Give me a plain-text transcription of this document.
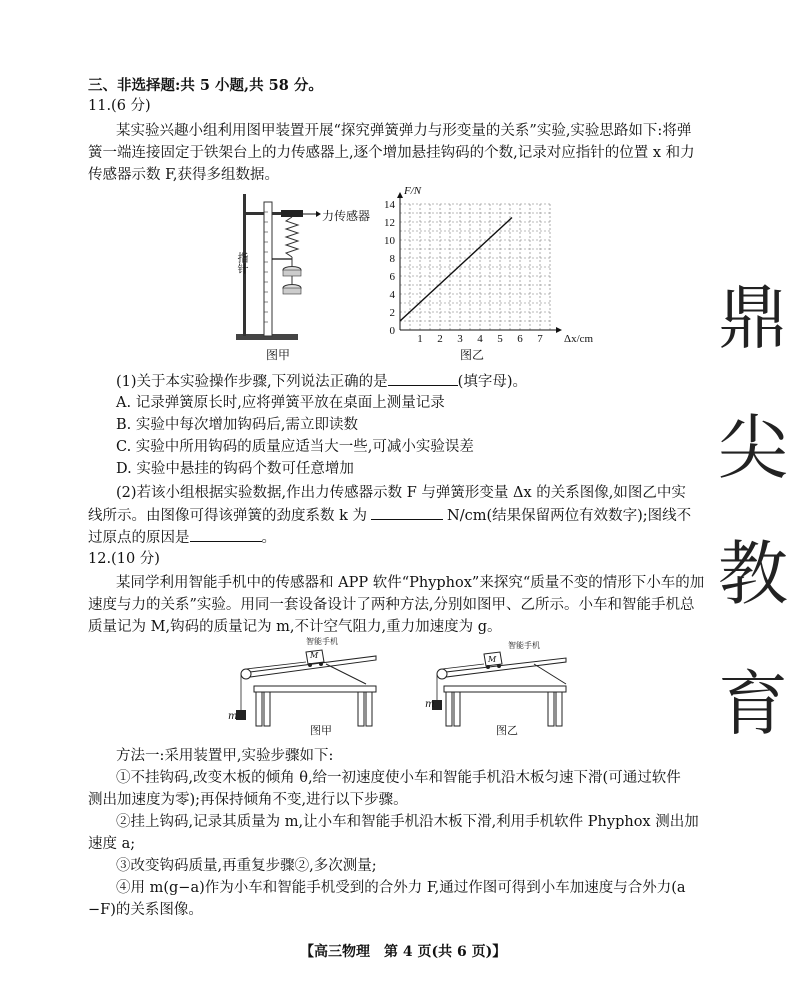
三、非选择题:共 5 小题,共 58 分。
11.(6 分)
某实验兴趣小组利用图甲装置开展“探究弹簧弹力与形变量的关系”实验,实验思路如下:将弹
簧一端连接固定于铁架台上的力传感器上,逐个增加悬挂钩码的个数,记录对应指针的位置 x 和力
传感器示数 F,获得多组数据。
力传感器
指针
图甲
1 2 3 4 5 6 7
0
2
4
6
8
10
12
14
Δx/cm
F/N
图乙
(1)关于本实验操作步骤,下列说法正确的是	(填字母)。
A. 记录弹簧原长时,应将弹簧平放在桌面上测量记录
B. 实验中每次增加钩码后,需立即读数
C. 实验中所用钩码的质量应适当大一些,可减小实验误差
D. 实验中悬挂的钩码个数可任意增加
(2)若该小组根据实验数据,作出力传感器示数 F 与弹簧形变量 Δx 的关系图像,如图乙中实
线所示。由图像可得该弹簧的劲度系数 k 为	N/cm(结果保留两位有效数字);图线不
过原点的原因是	。
12.(10 分)
某同学利用智能手机中的传感器和 APP 软件“Phyphox”来探究“质量不变的情形下小车的加
速度与力的关系”实验。用同一套设备设计了两种方法,分别如图甲、乙所示。小车和智能手机总
质量记为 M,钩码的质量记为 m,不计空气阻力,重力加速度为 g。
智能手机
M
m
图甲
智能手机
M
m
图乙
方法一:采用装置甲,实验步骤如下:
①不挂钩码,改变木板的倾角 θ,给一初速度使小车和智能手机沿木板匀速下滑(可通过软件
测出加速度为零);再保持倾角不变,进行以下步骤。
②挂上钩码,记录其质量为 m,让小车和智能手机沿木板下滑,利用手机软件 Phyphox 测出加
速度 a;
③改变钩码质量,再重复步骤②,多次测量;
④用 m(g−a)作为小车和智能手机受到的合外力 F,通过作图可得到小车加速度与合外力(a
−F)的关系图像。
【高三物理　第 4 页(共 6 页)】
鼎
尖
教
育
